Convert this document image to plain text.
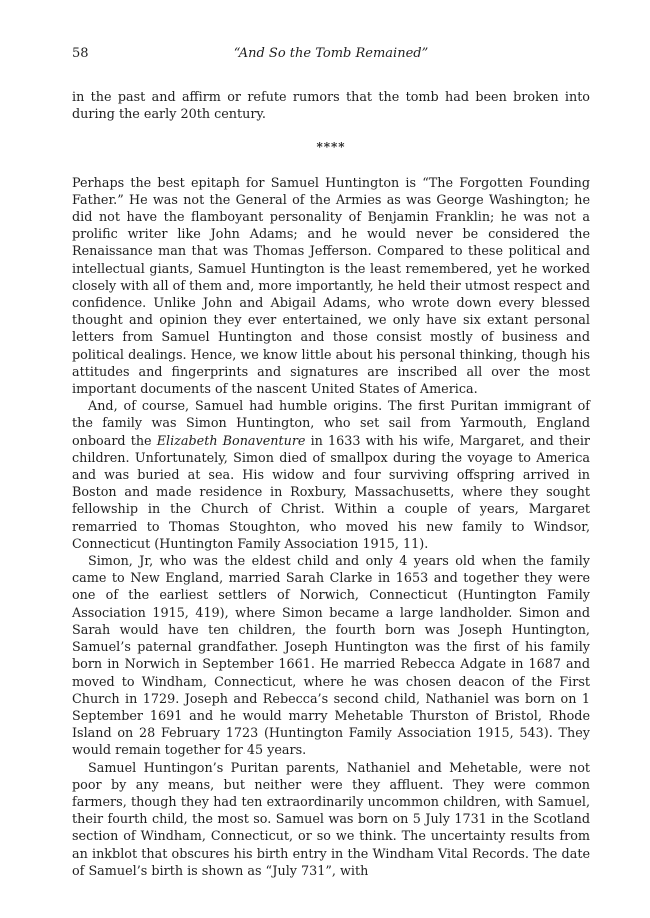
58	“And So the Tomb Remained”

in the past and affirm or refute rumors that the tomb had been broken into during the early 20th century.

****

Perhaps the best epitaph for Samuel Huntington is “The Forgotten Founding Father.” He was not the General of the Armies as was George Washington; he did not have the flamboyant personality of Benjamin Franklin; he was not a prolific writer like John Adams; and he would never be considered the Renaissance man that was Thomas Jefferson. Compared to these political and intellectual giants, Samuel Huntington is the least remembered, yet he worked closely with all of them and, more importantly, he held their utmost respect and confidence. Unlike John and Abigail Adams, who wrote down every blessed thought and opinion they ever entertained, we only have six extant personal letters from Samuel Huntington and those consist mostly of business and political dealings. Hence, we know little about his personal thinking, though his attitudes and fingerprints and signatures are inscribed all over the most important documents of the nascent United States of America.

And, of course, Samuel had humble origins. The first Puritan immigrant of the family was Simon Huntington, who set sail from Yarmouth, England onboard the Elizabeth Bonaventure in 1633 with his wife, Margaret, and their children. Unfortunately, Simon died of smallpox during the voyage to America and was buried at sea. His widow and four surviving offspring arrived in Boston and made residence in Roxbury, Massachusetts, where they sought fellowship in the Church of Christ. Within a couple of years, Margaret remarried to Thomas Stoughton, who moved his new family to Windsor, Connecticut (Huntington Family Association 1915, 11).

Simon, Jr, who was the eldest child and only 4 years old when the family came to New England, married Sarah Clarke in 1653 and together they were one of the earliest settlers of Norwich, Connecticut (Huntington Family Association 1915, 419), where Simon became a large landholder. Simon and Sarah would have ten children, the fourth born was Joseph Huntington, Samuel’s paternal grandfather. Joseph Huntington was the first of his family born in Norwich in September 1661. He married Rebecca Adgate in 1687 and moved to Windham, Connecticut, where he was chosen deacon of the First Church in 1729. Joseph and Rebecca’s second child, Nathaniel was born on 1 September 1691 and he would marry Mehetable Thurston of Bristol, Rhode Island on 28 February 1723 (Huntington Family Association 1915, 543). They would remain together for 45 years.

Samuel Huntingon’s Puritan parents, Nathaniel and Mehetable, were not poor by any means, but neither were they affluent. They were common farmers, though they had ten extraordinarily uncommon children, with Samuel, their fourth child, the most so. Samuel was born on 5 July 1731 in the Scotland section of Windham, Connecticut, or so we think. The uncertainty results from an inkblot that obscures his birth entry in the Windham Vital Records. The date of Samuel’s birth is shown as “July 731”, with
